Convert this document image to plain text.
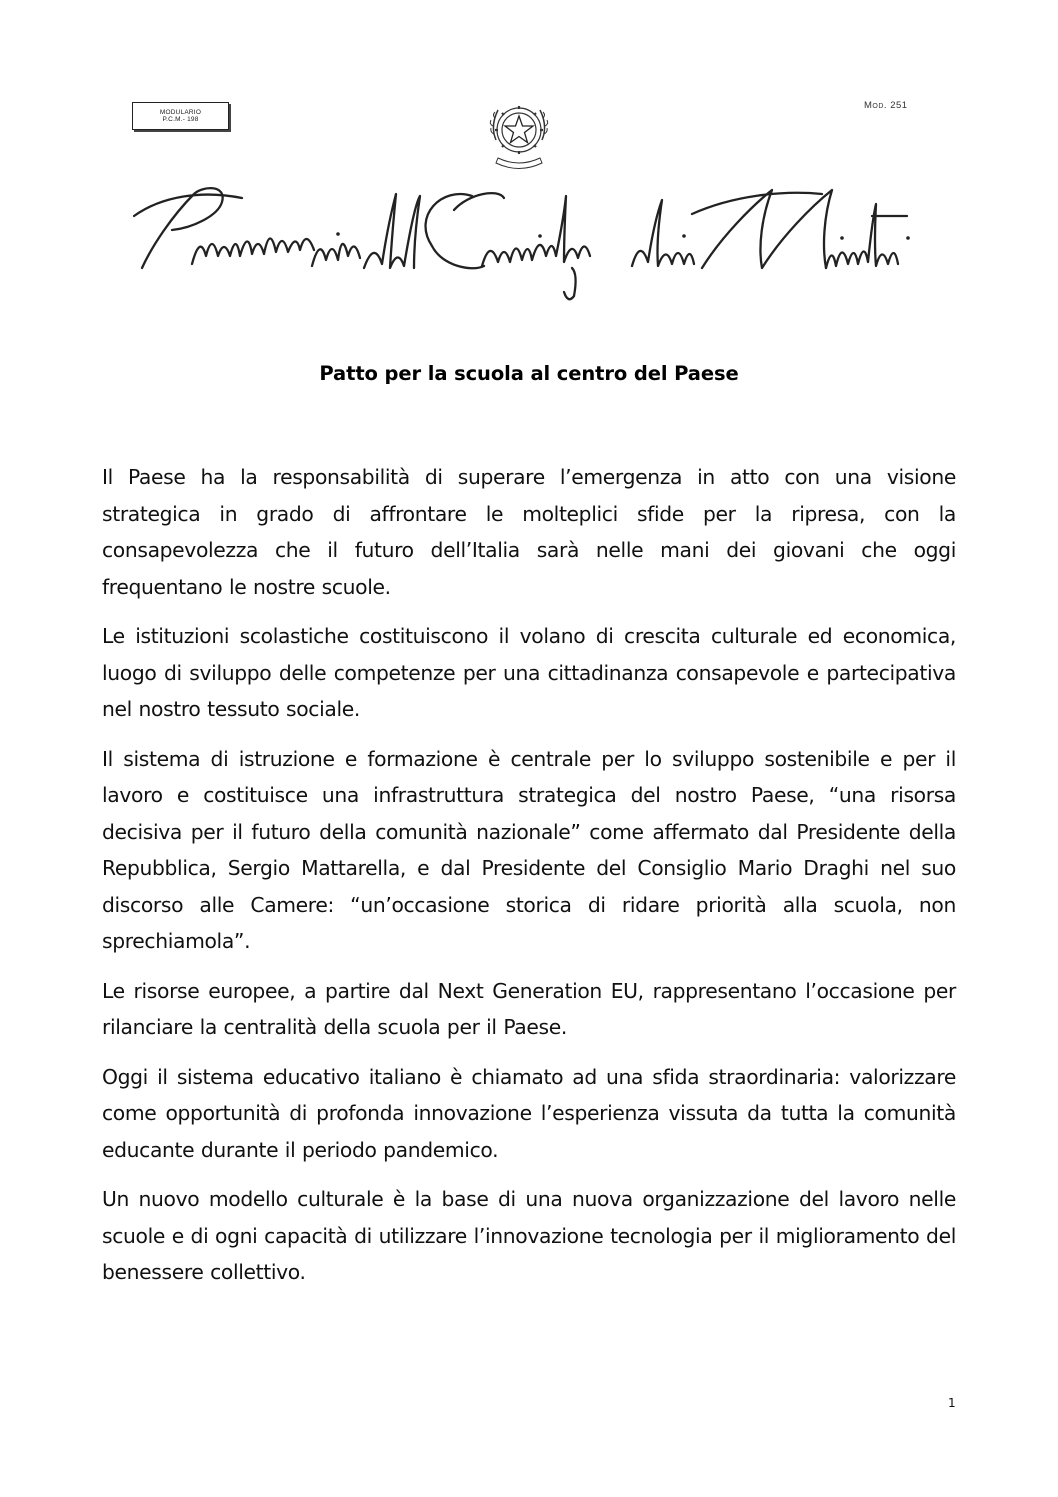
MODULARIO
P.C.M.- 198
Mod. 251
Patto per la scuola al centro del Paese

Il Paese ha la responsabilità di superare l’emergenza in atto con una visione strategica in grado di affrontare le molteplici sfide per la ripresa, con la consapevolezza che il futuro dell’Italia sarà nelle mani dei giovani che oggi frequentano le nostre scuole.

Le istituzioni scolastiche costituiscono il volano di crescita culturale ed economica, luogo di sviluppo delle competenze per una cittadinanza consapevole e partecipativa nel nostro tessuto sociale.

Il sistema di istruzione e formazione è centrale per lo sviluppo sostenibile e per il lavoro e costituisce una infrastruttura strategica del nostro Paese, “una risorsa decisiva per il futuro della comunità nazionale” come affermato dal Presidente della Repubblica, Sergio Mattarella, e dal Presidente del Consiglio Mario Draghi nel suo discorso alle Camere: “un’occasione storica di ridare priorità alla scuola, non sprechiamola”.

Le risorse europee, a partire dal Next Generation EU, rappresentano l’occasione per rilanciare la centralità della scuola per il Paese.

Oggi il sistema educativo italiano è chiamato ad una sfida straordinaria: valorizzare come opportunità di profonda innovazione l’esperienza vissuta da tutta la comunità educante durante il periodo pandemico.

Un nuovo modello culturale è la base di una nuova organizzazione del lavoro nelle scuole e di ogni capacità di utilizzare l’innovazione tecnologia per il miglioramento del benessere collettivo.

1
